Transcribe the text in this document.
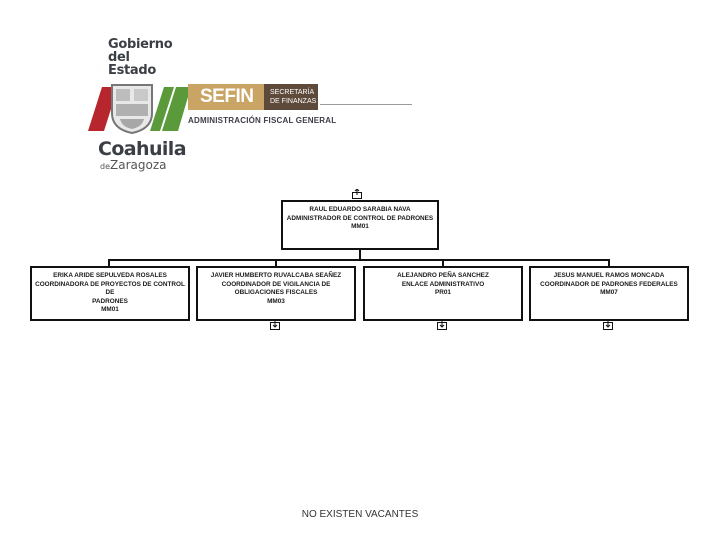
Gobierno
del Estado
Coahuila
deZaragoza
SEFIN	SECRETARÍA
DE FINANZAS
ADMINISTRACIÓN FISCAL GENERAL
RAUL EDUARDO SARABIA NAVA
ADMINISTRADOR DE CONTROL DE PADRONES
MM01
ERIKA ARIDE SEPULVEDA ROSALES
COORDINADORA DE PROYECTOS DE CONTROL DE
PADRONES
MM01
JAVIER HUMBERTO RUVALCABA SEAÑEZ
COORDINADOR DE VIGILANCIA DE
OBLIGACIONES FISCALES
MM03
ALEJANDRO PEÑA SANCHEZ
ENLACE ADMINISTRATIVO
PR01
JESUS MANUEL RAMOS MONCADA
COORDINADOR DE PADRONES FEDERALES
MM07
NO EXISTEN VACANTES
